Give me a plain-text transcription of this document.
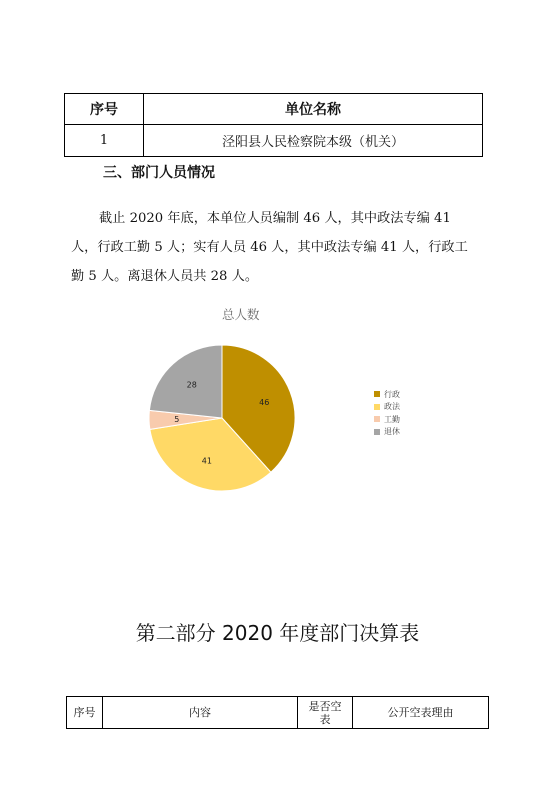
序号	单位名称
1	泾阳县人民检察院本级（机关）
三、部门人员情况
截止 2020 年底，本单位人员编制 46 人，其中政法专编 41 人，行政工勤 5 人；实有人员 46 人，其中政法专编 41 人，行政工勤 5 人。离退休人员共 28 人。
总人数
46
41
5
28
行政
政法
工勤
退休
第二部分 2020 年度部门决算表
序号	内容	是否空表	公开空表理由
